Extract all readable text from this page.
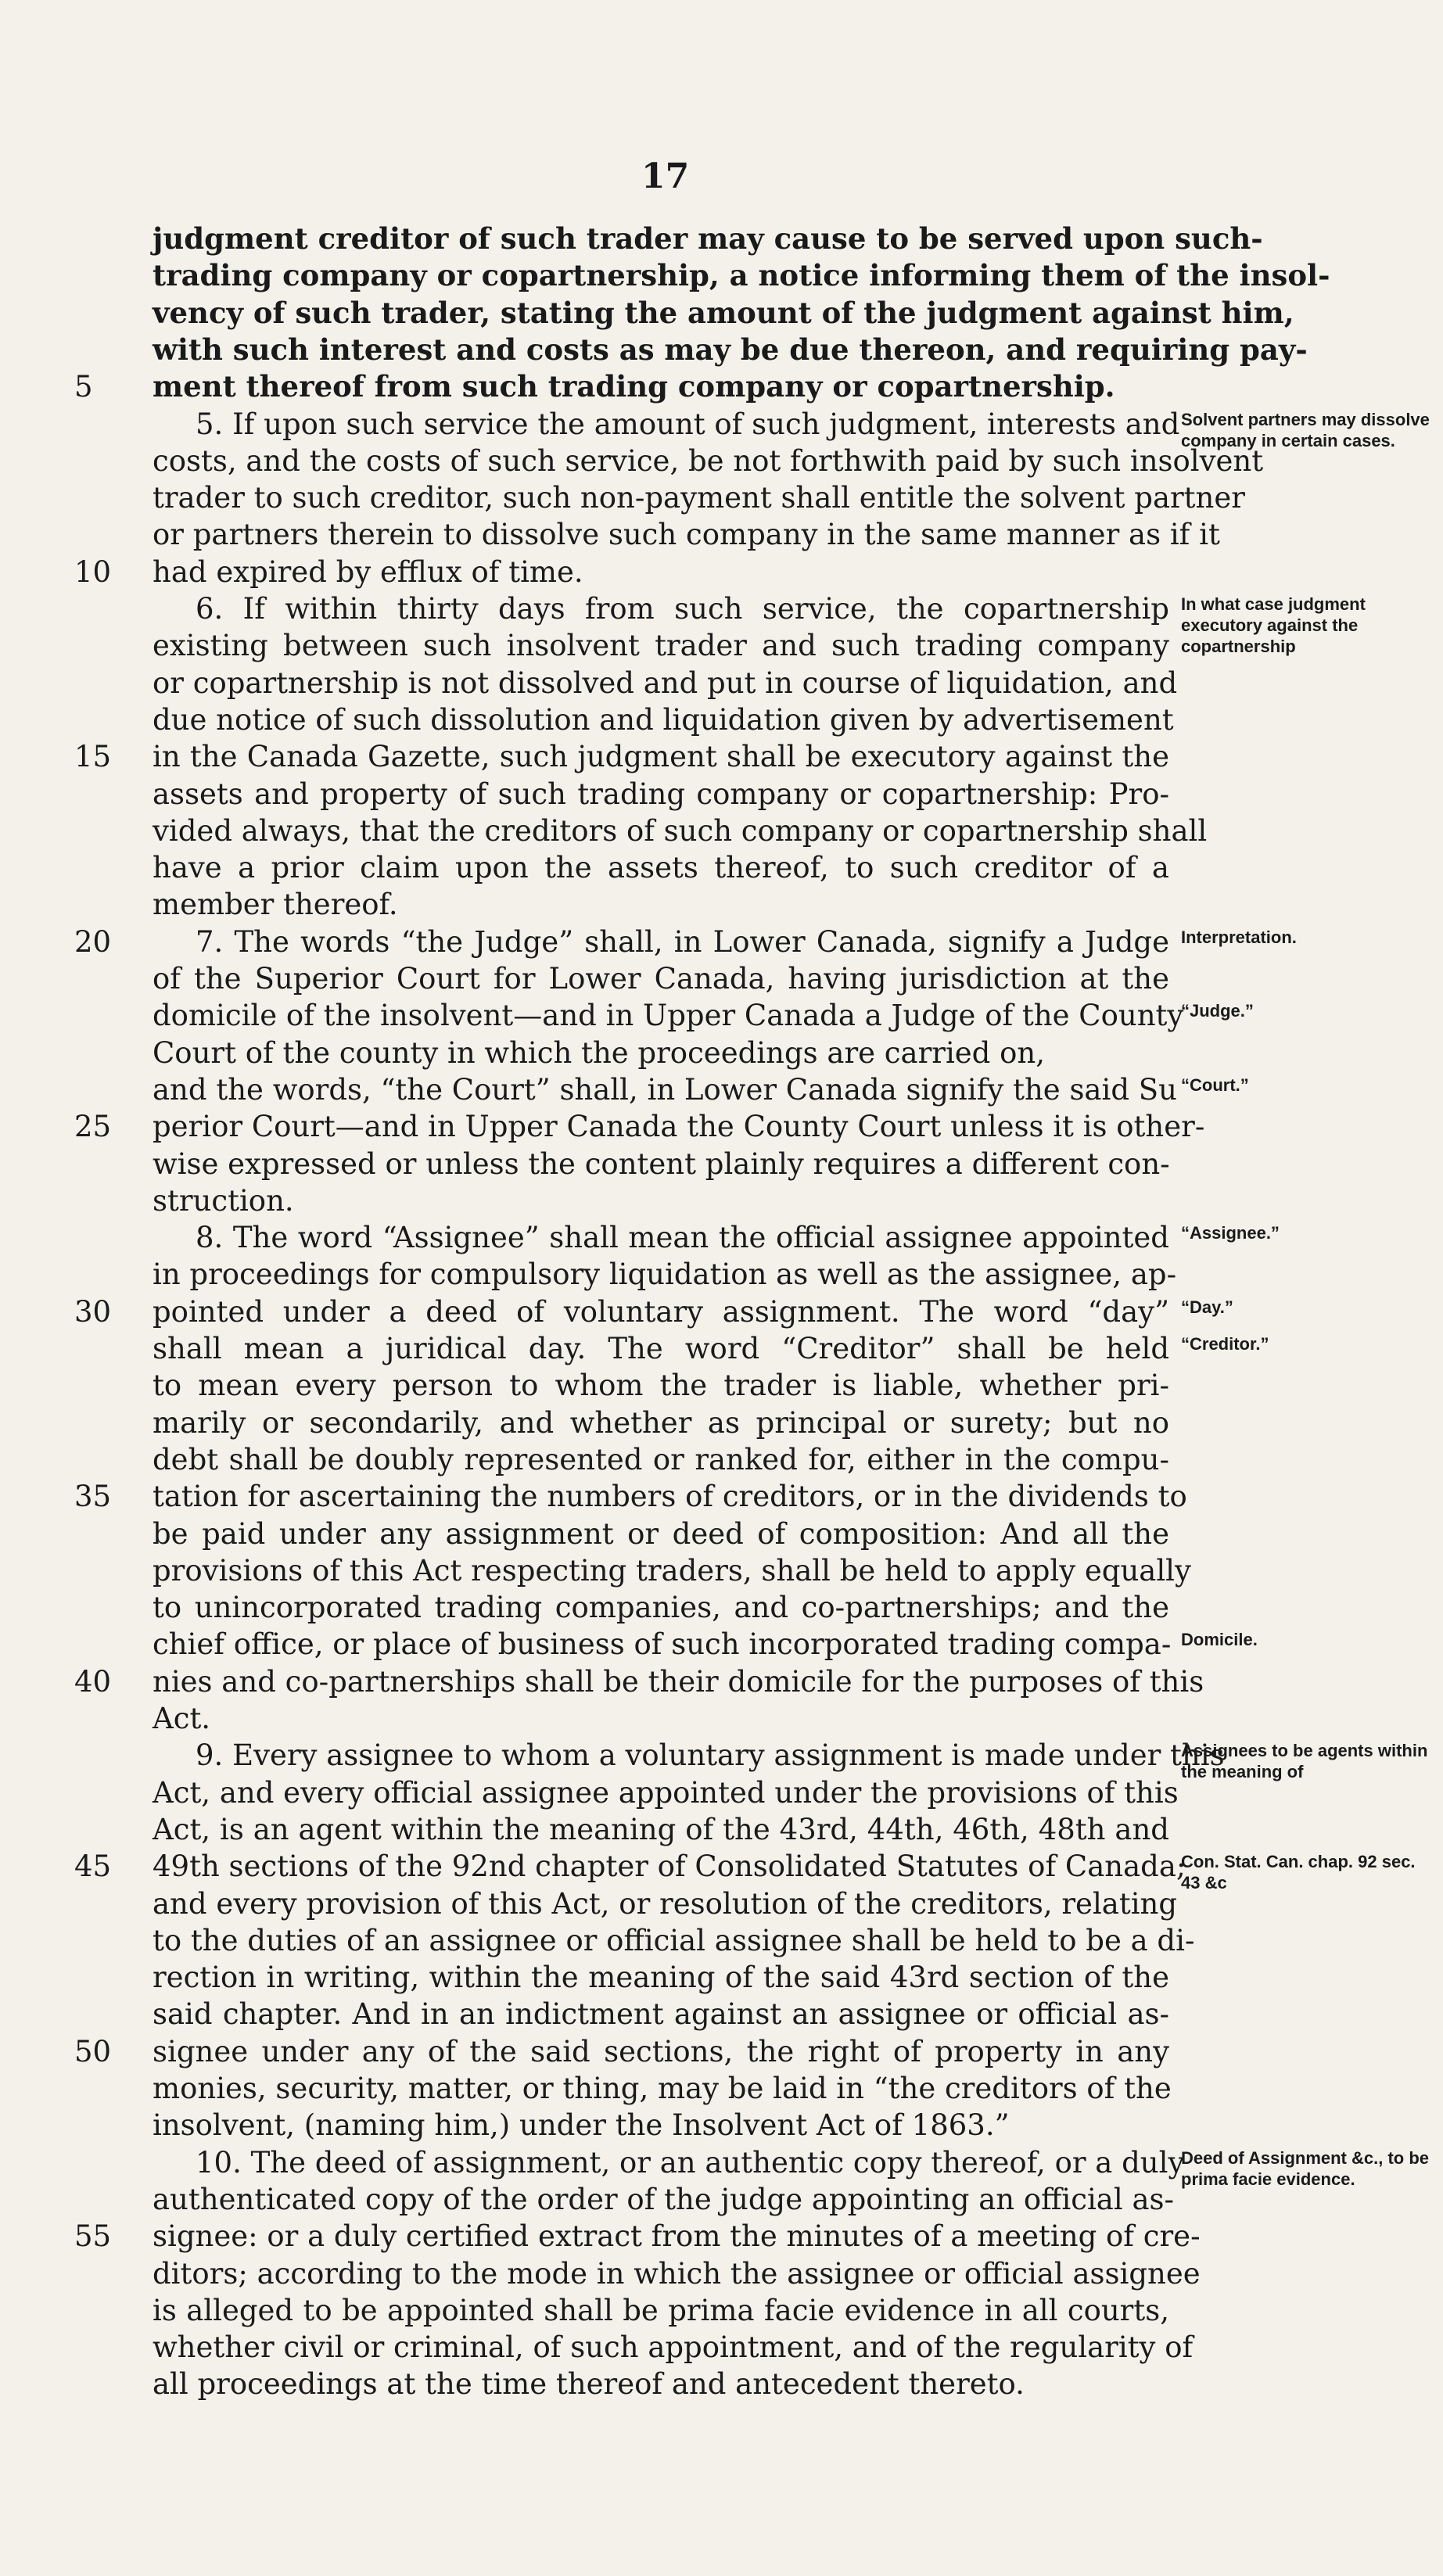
17
judgment creditor of such trader may cause to be served upon such-
trading company or copartnership, a notice informing them of the insol-
vency of such trader, stating the amount of the judgment against him,
with such interest and costs as may be due thereon, and requiring pay-
ment thereof from such trading company or copartnership.
5
5. If upon such service the amount of such judgment, interests and
costs, and the costs of such service, be not forthwith paid by such insolvent
trader to such creditor, such non-payment shall entitle the solvent partner
or partners therein to dissolve such company in the same manner as if it
had expired by efflux of time.
10
6. If within thirty days from such service, the copartnership
existing between such insolvent trader and such trading company
or copartnership is not dissolved and put in course of liquidation, and
due notice of such dissolution and liquidation given by advertisement
in the Canada Gazette, such judgment shall be executory against the
15
assets and property of such trading company or copartnership: Pro-
vided always, that the creditors of such company or copartnership shall
have a prior claim upon the assets thereof, to such creditor of a
member thereof.
7. The words “the Judge” shall, in Lower Canada, signify a Judge
20
of the Superior Court for Lower Canada, having jurisdiction at the
domicile of the insolvent—and in Upper Canada a Judge of the County
Court of the county in which the proceedings are carried on,
and the words, “the Court” shall, in Lower Canada signify the said Su
perior Court—and in Upper Canada the County Court unless it is other-
25
wise expressed or unless the content plainly requires a different con-
struction.
8. The word “Assignee” shall mean the official assignee appointed
in proceedings for compulsory liquidation as well as the assignee, ap-
pointed under a deed of voluntary assignment. The word “day”
30
shall mean a juridical day. The word “Creditor” shall be held
to mean every person to whom the trader is liable, whether pri-
marily or secondarily, and whether as principal or surety; but no
debt shall be doubly represented or ranked for, either in the compu-
tation for ascertaining the numbers of creditors, or in the dividends to
35
be paid under any assignment or deed of composition: And all the
provisions of this Act respecting traders, shall be held to apply equally
to unincorporated trading companies, and co-partnerships; and the
chief office, or place of business of such incorporated trading compa-
nies and co-partnerships shall be their domicile for the purposes of this
40
Act.
9. Every assignee to whom a voluntary assignment is made under this
Act, and every official assignee appointed under the provisions of this
Act, is an agent within the meaning of the 43rd, 44th, 46th, 48th and
49th sections of the 92nd chapter of Consolidated Statutes of Canada;
45
and every provision of this Act, or resolution of the creditors, relating
to the duties of an assignee or official assignee shall be held to be a di-
rection in writing, within the meaning of the said 43rd section of the
said chapter. And in an indictment against an assignee or official as-
signee under any of the said sections, the right of property in any
50
monies, security, matter, or thing, may be laid in “the creditors of the
insolvent, (naming him,) under the Insolvent Act of 1863.”
10. The deed of assignment, or an authentic copy thereof, or a duly
authenticated copy of the order of the judge appointing an official as-
signee: or a duly certified extract from the minutes of a meeting of cre-
55
ditors; according to the mode in which the assignee or official assignee
is alleged to be appointed shall be prima facie evidence in all courts,
whether civil or criminal, of such appointment, and of the regularity of
all proceedings at the time thereof and antecedent thereto.
Solvent partners may dissolve company in certain cases.
In what case judgment executory against the copartnership
Interpretation.
“Judge.”
“Court.”
“Assignee.”
“Day.”
“Creditor.”
Domicile.
Assignees to be agents within the meaning of
Con. Stat. Can. chap. 92 sec. 43 &c
Deed of Assignment &c., to be prima facie evidence.
